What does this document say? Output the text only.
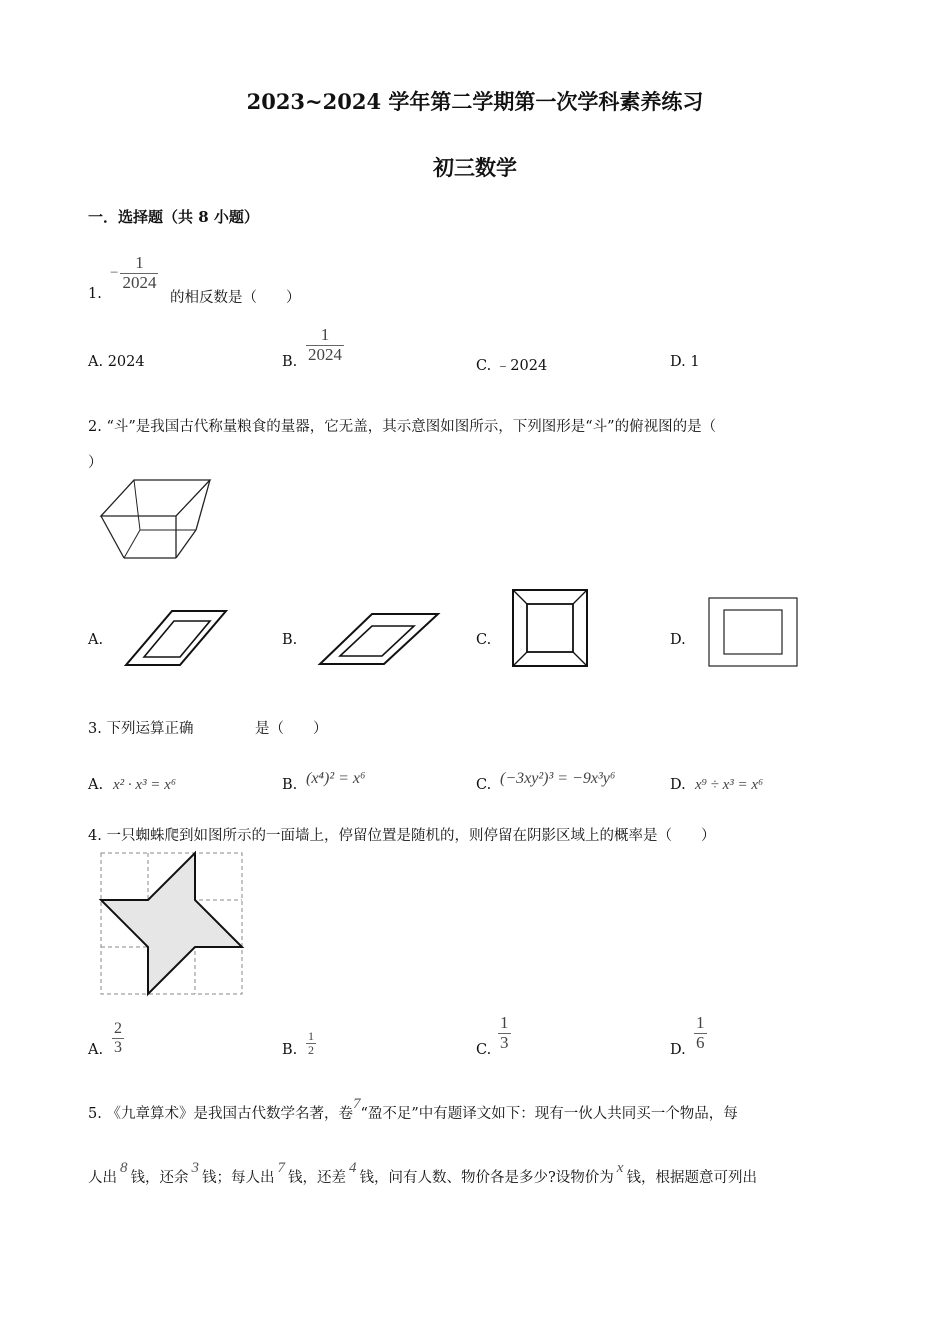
2023~2024 学年第二学期第一次学科素养练习
初三数学
一．选择题（共 8 小题）
1.
− $\frac{1}{2024}$
的相反数是（　　）
A. 2024	B. $\frac{1}{2024}$
C. ﹣2024	D. 1
2. “斗”是我国古代称量粮食的量器，它无盖，其示意图如图所示，下列图形是“斗”的俯视图的是（
）
A.	B.	C.	D.
3. 下列运算正确	是（　　）
A. x² · x³ = x⁶	B. (x⁴)² = x⁶	C. (−3xy²)³ = −9x³y⁶	D. x⁹ ÷ x³ = x⁶
4. 一只蜘蛛爬到如图所示的一面墙上，停留位置是随机的，则停留在阴影区域上的概率是（　　）
A. $\frac{2}{3}$	B. $\frac{1}{2}$	C. $\frac{1}{3}$	D. $\frac{1}{6}$
5. 《九章算术》是我国古代数学名著，卷7“盈不足”中有题译文如下：现有一伙人共同买一个物品，每
人出8钱，还余3钱；每人出7钱，还差4钱，问有人数、物价各是多少?设物价为x钱，根据题意可列出
